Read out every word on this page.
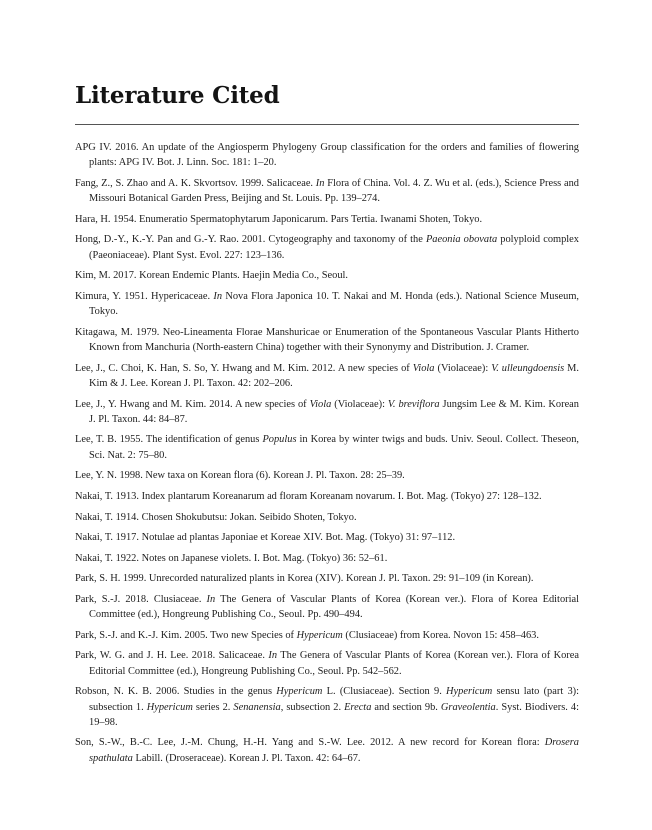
Literature Cited
APG IV. 2016. An update of the Angiosperm Phylogeny Group classification for the orders and families of flowering plants: APG IV. Bot. J. Linn. Soc. 181: 1–20.
Fang, Z., S. Zhao and A. K. Skvortsov. 1999. Salicaceae. In Flora of China. Vol. 4. Z. Wu et al. (eds.), Science Press and Missouri Botanical Garden Press, Beijing and St. Louis. Pp. 139–274.
Hara, H. 1954. Enumeratio Spermatophytarum Japonicarum. Pars Tertia. Iwanami Shoten, Tokyo.
Hong, D.-Y., K.-Y. Pan and G.-Y. Rao. 2001. Cytogeography and taxonomy of the Paeonia obovata polyploid complex (Paeoniaceae). Plant Syst. Evol. 227: 123–136.
Kim, M. 2017. Korean Endemic Plants. Haejin Media Co., Seoul.
Kimura, Y. 1951. Hypericaceae. In Nova Flora Japonica 10. T. Nakai and M. Honda (eds.). National Science Museum, Tokyo.
Kitagawa, M. 1979. Neo-Lineamenta Florae Manshuricae or Enumeration of the Spontaneous Vascular Plants Hitherto Known from Manchuria (North-eastern China) together with their Synonymy and Distribution. J. Cramer.
Lee, J., C. Choi, K. Han, S. So, Y. Hwang and M. Kim. 2012. A new species of Viola (Violaceae): V. ulleungdoensis M. Kim & J. Lee. Korean J. Pl. Taxon. 42: 202–206.
Lee, J., Y. Hwang and M. Kim. 2014. A new species of Viola (Violaceae): V. breviflora Jungsim Lee & M. Kim. Korean J. Pl. Taxon. 44: 84–87.
Lee, T. B. 1955. The identification of genus Populus in Korea by winter twigs and buds. Univ. Seoul. Collect. Theseon, Sci. Nat. 2: 75–80.
Lee, Y. N. 1998. New taxa on Korean flora (6). Korean J. Pl. Taxon. 28: 25–39.
Nakai, T. 1913. Index plantarum Koreanarum ad floram Koreanam novarum. I. Bot. Mag. (Tokyo) 27: 128–132.
Nakai, T. 1914. Chosen Shokubutsu: Jokan. Seibido Shoten, Tokyo.
Nakai, T. 1917. Notulae ad plantas Japoniae et Koreae XIV. Bot. Mag. (Tokyo) 31: 97–112.
Nakai, T. 1922. Notes on Japanese violets. I. Bot. Mag. (Tokyo) 36: 52–61.
Park, S. H. 1999. Unrecorded naturalized plants in Korea (XIV). Korean J. Pl. Taxon. 29: 91–109 (in Korean).
Park, S.-J. 2018. Clusiaceae. In The Genera of Vascular Plants of Korea (Korean ver.). Flora of Korea Editorial Committee (ed.), Hongreung Publishing Co., Seoul. Pp. 490–494.
Park, S.-J. and K.-J. Kim. 2005. Two new Species of Hypericum (Clusiaceae) from Korea. Novon 15: 458–463.
Park, W. G. and J. H. Lee. 2018. Salicaceae. In The Genera of Vascular Plants of Korea (Korean ver.). Flora of Korea Editorial Committee (ed.), Hongreung Publishing Co., Seoul. Pp. 542–562.
Robson, N. K. B. 2006. Studies in the genus Hypericum L. (Clusiaceae). Section 9. Hypericum sensu lato (part 3): subsection 1. Hypericum series 2. Senanensia, subsection 2. Erecta and section 9b. Graveolentia. Syst. Biodivers. 4: 19–98.
Son, S.-W., B.-C. Lee, J.-M. Chung, H.-H. Yang and S.-W. Lee. 2012. A new record for Korean flora: Drosera spathulata Labill. (Droseraceae). Korean J. Pl. Taxon. 42: 64–67.
